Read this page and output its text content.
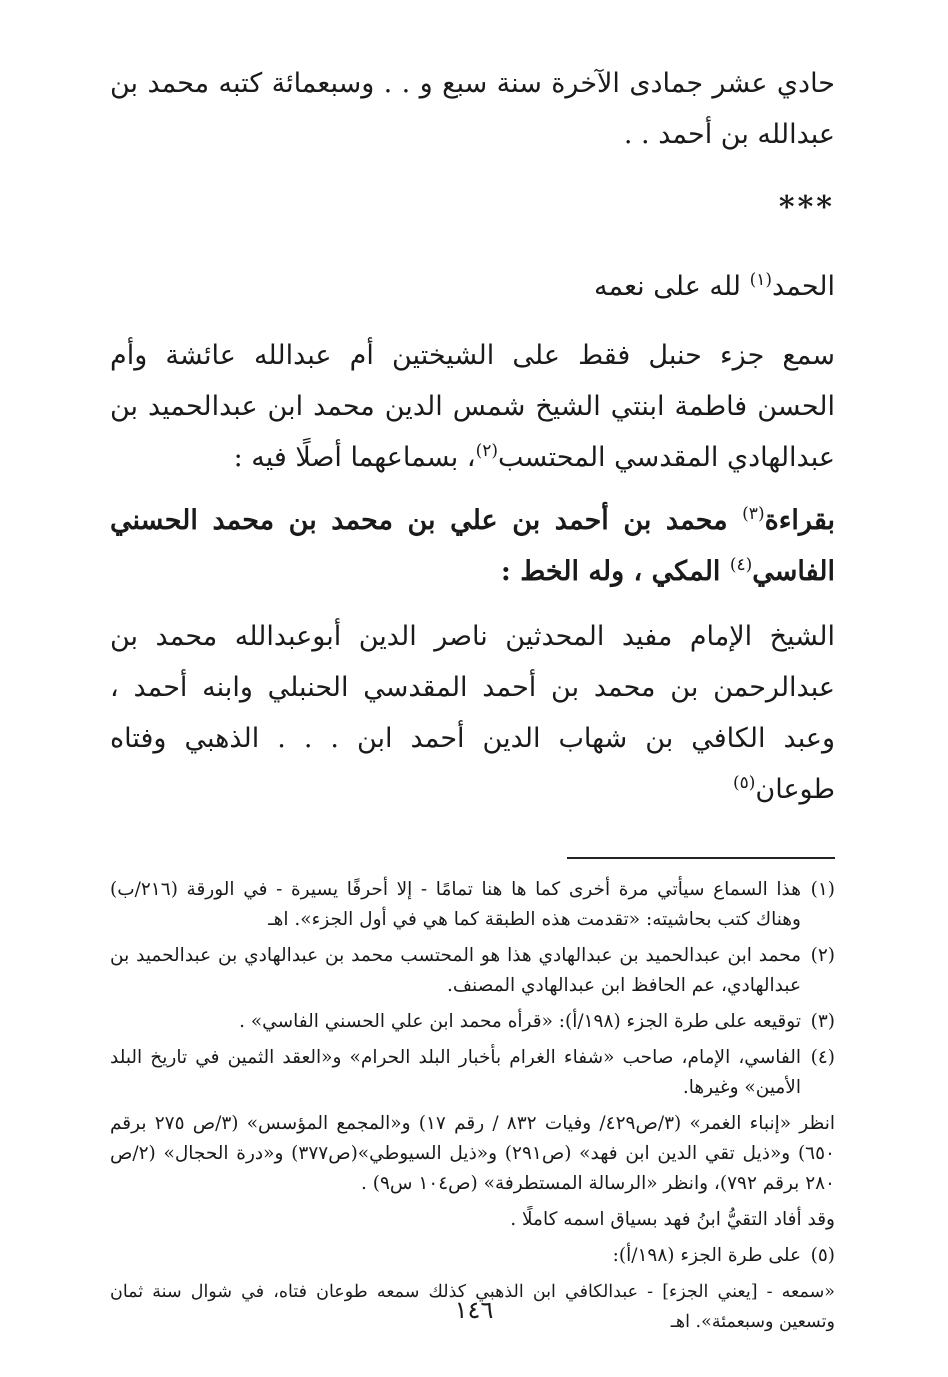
حادي عشر جمادى الآخرة سنة سبع و . . وسبعمائة كتبه محمد بن عبدالله بن أحمد . .

***

الحمد$^{(١)}$ لله على نعمه

سمع جزء حنبل فقط على الشيختين أم عبدالله عائشة وأم الحسن فاطمة ابنتي الشيخ شمس الدين محمد ابن عبدالحميد بن عبدالهادي المقدسي المحتسب$^{(٢)}$، بسماعهما أصلًا فيه :

بقراءة$^{(٣)}$ محمد بن أحمد بن علي بن محمد بن محمد الحسني الفاسي$^{(٤)}$ المكي ، وله الخط :

الشيخ الإمام مفيد المحدثين ناصر الدين أبوعبدالله محمد بن عبدالرحمن بن محمد بن أحمد المقدسي الحنبلي وابنه أحمد ، وعبد الكافي بن شهاب الدين أحمد ابن . . . الذهبي وفتاه طوعان$^{(٥)}$

(١)
هذا السماع سيأتي مرة أخرى كما ها هنا تمامًا - إلا أحرفًا يسيرة - في الورقة (٢١٦/ب) وهناك كتب بحاشيته: «تقدمت هذه الطبقة كما هي في أول الجزء». اهـ

(٢)
محمد ابن عبدالحميد بن عبدالهادي هذا هو المحتسب محمد بن عبدالهادي بن عبدالحميد بن عبدالهادي، عم الحافظ ابن عبدالهادي المصنف.

(٣)
توقيعه على طرة الجزء (١٩٨/أ): «قرأه محمد ابن علي الحسني الفاسي» .

(٤)
الفاسي، الإمام، صاحب «شفاء الغرام بأخبار البلد الحرام» و«العقد الثمين في تاريخ البلد الأمين» وغيرها.

انظر «إنباء الغمر» (٣/ص٤٢٩/ وفيات ٨٣٢ / رقم ١٧) و«المجمع المؤسس» (٣/ص ٢٧٥ برقم ٦٥٠) و«ذيل تقي الدين ابن فهد» (ص٢٩١) و«ذيل السيوطي»(ص٣٧٧) و«درة الحجال» (٢/ص ٢٨٠ برقم ٧٩٢)، وانظر «الرسالة المستطرفة» (ص١٠٤ س٩) .

وقد أفاد التقيُّ ابنُ فهد بسياق اسمه كاملًا .

(٥)
على طرة الجزء (١٩٨/أ):

«سمعه - [يعني الجزء] - عبدالكافي ابن الذهبي كذلك سمعه طوعان فتاه، في شوال سنة ثمان وتسعين وسبعمئة». اهـ

١٤٦
